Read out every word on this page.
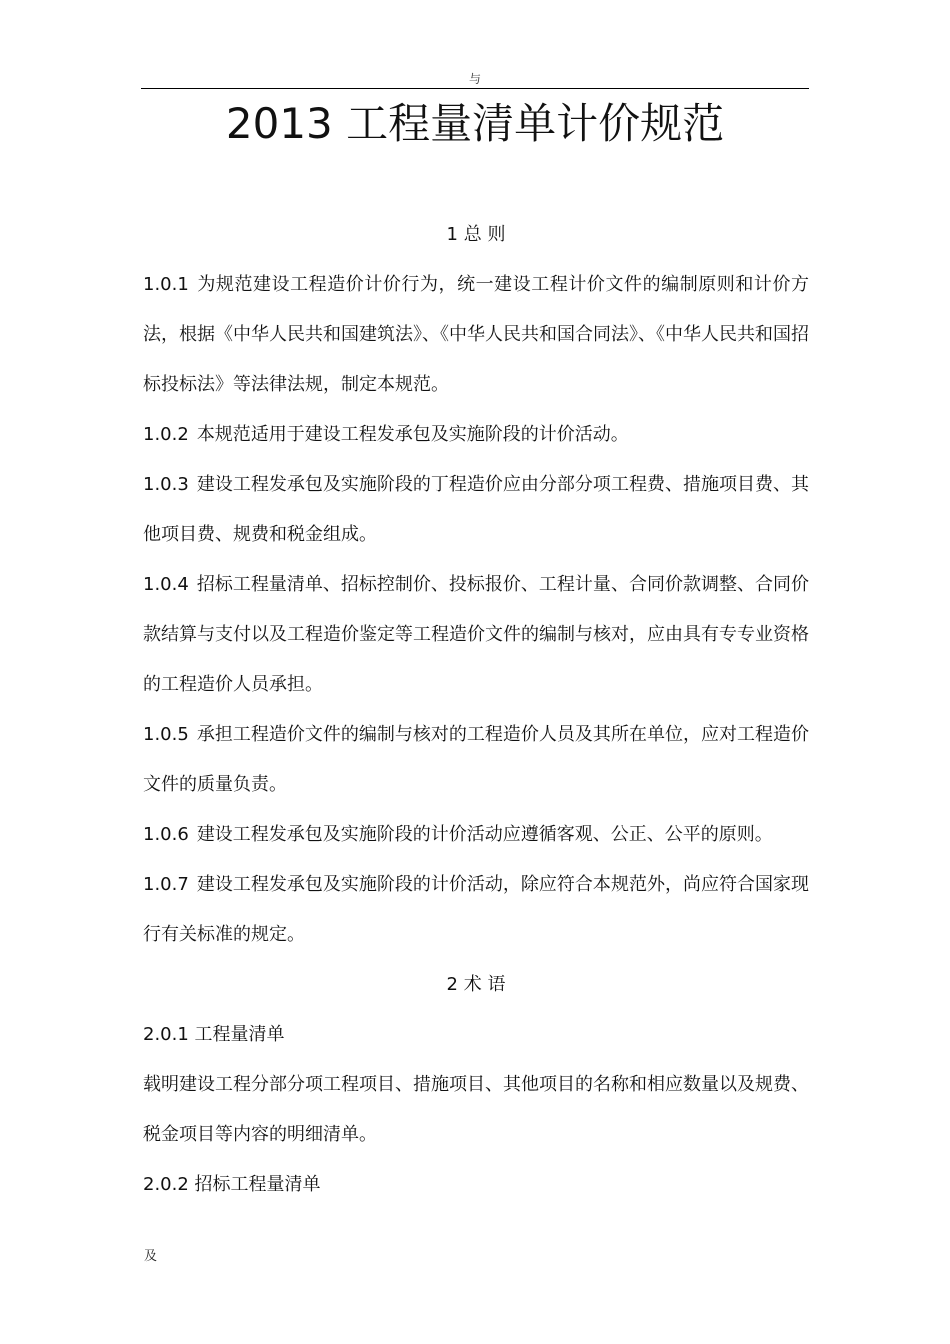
与
2013 工程量清单计价规范
1 总 则

1.0.1 为规范建设工程造价计价行为，统一建设工程计价文件的编制原则和计价方法，根据《中华人民共和国建筑法》、《中华人民共和国合同法》、《中华人民共和国招标投标法》等法律法规，制定本规范。

1.0.2 本规范适用于建设工程发承包及实施阶段的计价活动。

1.0.3 建设工程发承包及实施阶段的丁程造价应由分部分项工程费、措施项目费、其他项目费、规费和税金组成。

1.0.4 招标工程量清单、招标控制价、投标报价、工程计量、合同价款调整、合同价款结算与支付以及工程造价鉴定等工程造价文件的编制与核对，应由具有专专业资格的工程造价人员承担。

1.0.5 承担工程造价文件的编制与核对的工程造价人员及其所在单位，应对工程造价文件的质量负责。

1.0.6 建设工程发承包及实施阶段的计价活动应遵循客观、公正、公平的原则。

1.0.7 建设工程发承包及实施阶段的计价活动，除应符合本规范外，尚应符合国家现行有关标准的规定。

2 术 语

2.0.1 工程量清单

载明建设工程分部分项工程项目、措施项目、其他项目的名称和相应数量以及规费、税金项目等内容的明细清单。

2.0.2 招标工程量清单

及
